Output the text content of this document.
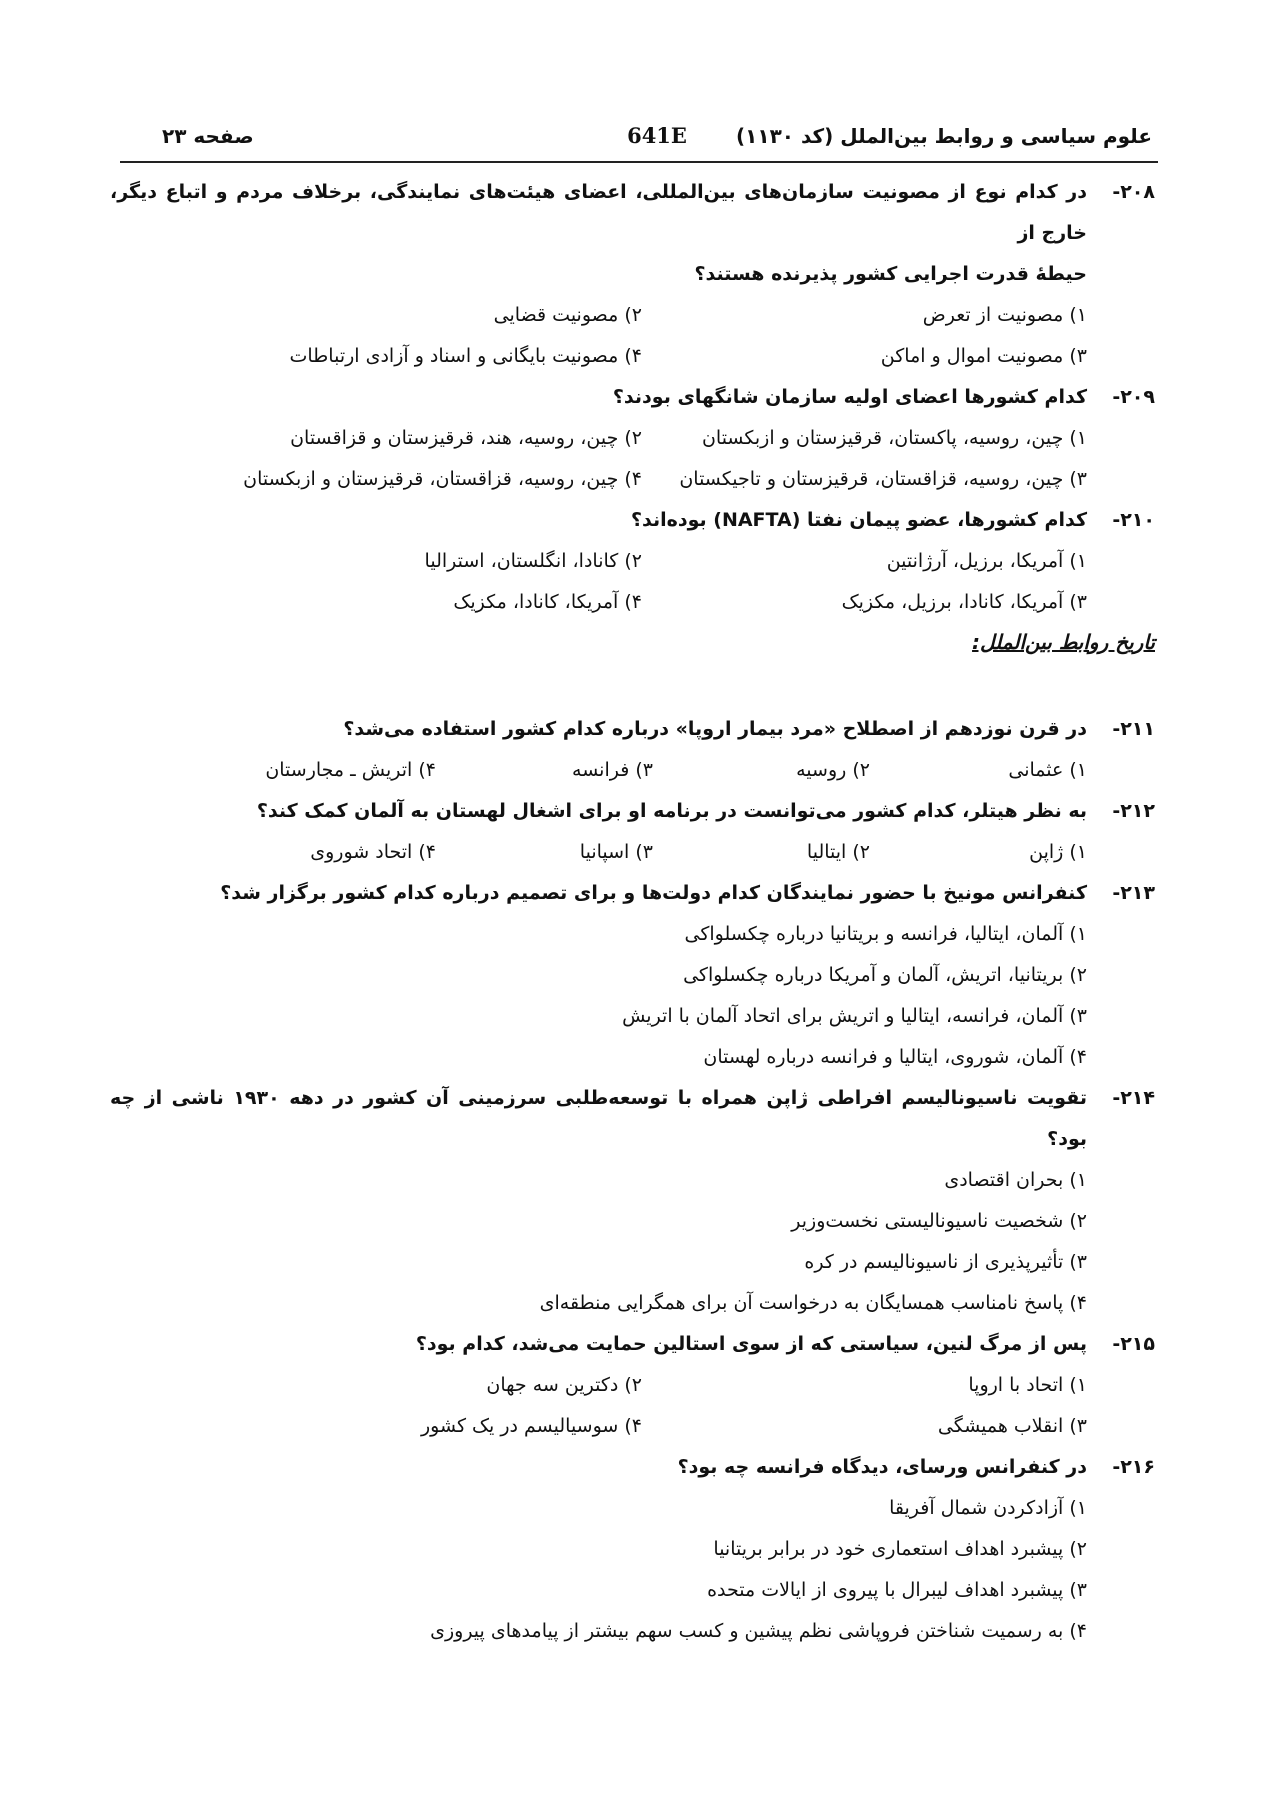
علوم سیاسی و روابط بین‌الملل (کد ۱۱۳۰)
641E
صفحه ۲۳
۲۰۸-
در کدام نوع از مصونیت سازمان‌های بین‌المللی، اعضای هیئت‌های نمایندگی، برخلاف مردم و اتباع دیگر، خارج از
حیطهٔ قدرت اجرایی کشور پذیرنده هستند؟
۱) مصونیت از تعرض
۲) مصونیت قضایی
۳) مصونیت اموال و اماکن
۴) مصونیت بایگانی و اسناد و آزادی ارتباطات
۲۰۹-
کدام کشورها اعضای اولیه سازمان شانگهای بودند؟
۱) چین، روسیه، پاکستان، قرقیزستان و ازبکستان
۲) چین، روسیه، هند، قرقیزستان و قزاقستان
۳) چین، روسیه، قزاقستان، قرقیزستان و تاجیکستان
۴) چین، روسیه، قزاقستان، قرقیزستان و ازبکستان
۲۱۰-
کدام کشورها، عضو پیمان نفتا (NAFTA) بوده‌اند؟
۱) آمریکا، برزیل، آرژانتین
۲) کانادا، انگلستان، استرالیا
۳) آمریکا، کانادا، برزیل، مکزیک
۴) آمریکا، کانادا، مکزیک
تاریخ روابط بین‌الملل:
۲۱۱-
در قرن نوزدهم از اصطلاح «مرد بیمار اروپا» درباره کدام کشور استفاده می‌شد؟
۱) عثمانی
۲) روسیه
۳) فرانسه
۴) اتریش ـ مجارستان
۲۱۲-
به نظر هیتلر، کدام کشور می‌توانست در برنامه او برای اشغال لهستان به آلمان کمک کند؟
۱) ژاپن
۲) ایتالیا
۳) اسپانیا
۴) اتحاد شوروی
۲۱۳-
کنفرانس مونیخ با حضور نمایندگان کدام دولت‌ها و برای تصمیم درباره کدام کشور برگزار شد؟
۱) آلمان، ایتالیا، فرانسه و بریتانیا درباره چکسلواکی
۲) بریتانیا، اتریش، آلمان و آمریکا درباره چکسلواکی
۳) آلمان، فرانسه، ایتالیا و اتریش برای اتحاد آلمان با اتریش
۴) آلمان، شوروی، ایتالیا و فرانسه درباره لهستان
۲۱۴-
تقویت ناسیونالیسم افراطی ژاپن همراه با توسعه‌طلبی سرزمینی آن کشور در دهه ۱۹۳۰ ناشی از چه بود؟
۱) بحران اقتصادی
۲) شخصیت ناسیونالیستی نخست‌وزیر
۳) تأثیرپذیری از ناسیونالیسم در کره
۴) پاسخ نامناسب همسایگان به درخواست آن برای همگرایی منطقه‌ای
۲۱۵-
پس از مرگ لنین، سیاستی که از سوی استالین حمایت می‌شد، کدام بود؟
۱) اتحاد با اروپا
۲) دکترین سه جهان
۳) انقلاب همیشگی
۴) سوسیالیسم در یک کشور
۲۱۶-
در کنفرانس ورسای، دیدگاه فرانسه چه بود؟
۱) آزادکردن شمال آفریقا
۲) پیشبرد اهداف استعماری خود در برابر بریتانیا
۳) پیشبرد اهداف لیبرال با پیروی از ایالات متحده
۴) به رسمیت شناختن فروپاشی نظم پیشین و کسب سهم بیشتر از پیامدهای پیروزی
